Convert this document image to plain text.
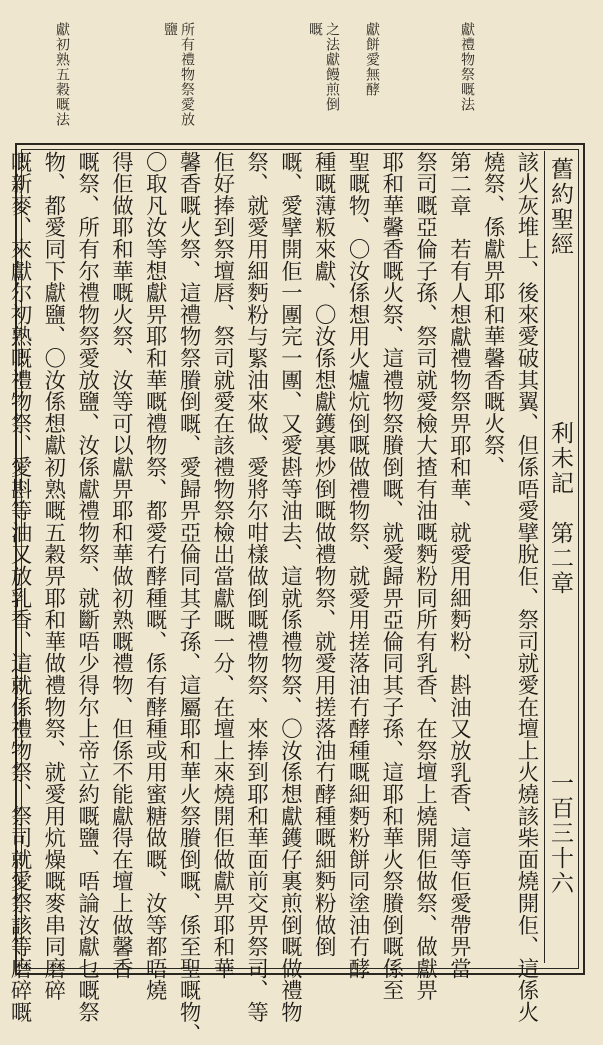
獻禮物祭嘅法
獻餅愛無酵
之法獻饅煎倒嘅
所有禮物祭愛放鹽
獻初熟五穀嘅法
舊約聖經
利未記　第二章
一百三十六
該火灰堆上、後來愛破其翼、但係唔愛擘脫佢、祭司就愛在壇上火燒該柴面燒開佢、這係火
燒祭、係獻畀耶和華馨香嘅火祭、
第二章　若有人想獻禮物祭畀耶和華、就愛用細麪粉、斟油又放乳香、這等佢愛帶畀當
祭司嘅亞倫子孫、祭司就愛檢大揸有油嘅麪粉同所有乳香、在祭壇上燒開佢做祭、做獻畀
耶和華馨香嘅火祭、這禮物祭賸倒嘅、就愛歸畀亞倫同其子孫、這耶和華火祭賸倒嘅係至
聖嘅物、〇汝係想用火爐炕倒嘅做禮物祭、就愛用搓落油冇酵種嘅細麪粉餅同塗油冇酵
種嘅薄粄來獻、〇汝係想獻鑊裏炒倒嘅做禮物祭、就愛用搓落油冇酵種嘅細麪粉做倒
嘅、愛擘開佢一團完一團、又愛斟等油去、這就係禮物祭、〇汝係想獻鑊仔裏煎倒嘅做禮物
祭、就愛用細麪粉与緊油來做、愛將尔咁樣做倒嘅禮物祭、來捧到耶和華面前交畀祭司、等
佢好捧到祭壇唇、祭司就愛在該禮物祭檢出當獻嘅一分、在壇上來燒開佢做獻畀耶和華
馨香嘅火祭、這禮物祭賸倒嘅、愛歸畀亞倫同其子孫、這屬耶和華火祭賸倒嘅、係至聖嘅物、
〇取凡汝等想獻畀耶和華嘅禮物祭、都愛冇酵種嘅、係有酵種或用蜜糖做嘅、汝等都唔燒
得佢做耶和華嘅火祭、汝等可以獻畀耶和華做初熟嘅禮物、但係不能獻得在壇上做馨香
嘅祭、所有尔禮物祭愛放鹽、汝係獻禮物祭、就斷唔少得尔上帝立約嘅鹽、唔論汝獻乜嘅祭
物、都愛同下獻鹽、〇汝係想獻初熟嘅五穀畀耶和華做禮物祭、就愛用炕燥嘅麥串同磨碎
嘅新麥、來獻尔初熟嘅禮物祭、愛斟等油又放乳香、這就係禮物祭、祭司就愛祭該等磨碎嘅
